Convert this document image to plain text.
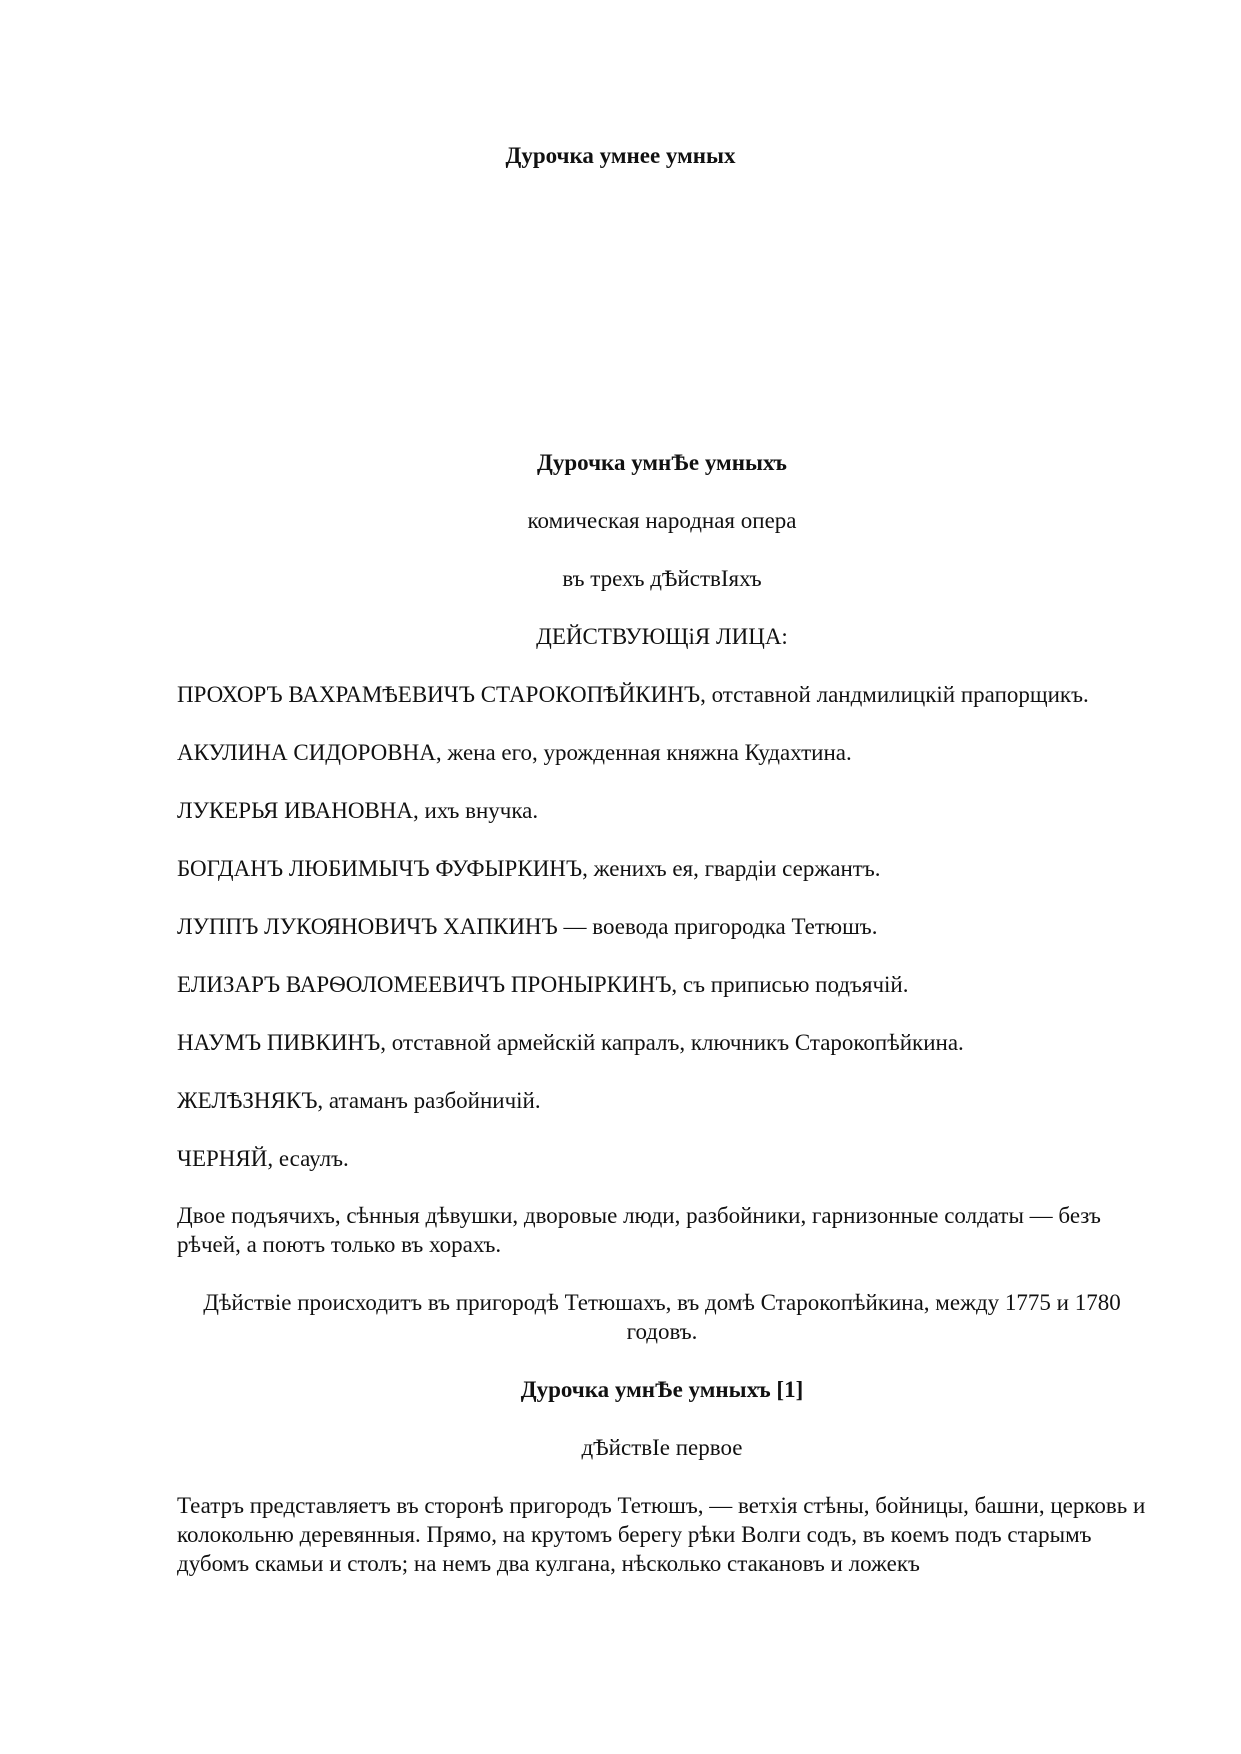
Дурочка умнее умных

Дурочка умнѢе умныхъ

комическая народная опера

въ трехъ дѢйствIяхъ

ДЕЙСТВУЮЩiЯ ЛИЦА:

ПРОХОРЪ ВАХРАМѢЕВИЧЪ СТАРОКОПѢЙКИНЪ, отставной ландмилицкій прапорщикъ.

АКУЛИНА СИДОРОВНА, жена его, урожденная княжна Кудахтина.

ЛУКЕРЬЯ ИВАНОВНА, ихъ внучка.

БОГДАНЪ ЛЮБИМЫЧЪ ФУФЫРКИНЪ, женихъ ея, гвардіи сержантъ.

ЛУППЪ ЛУКОЯНОВИЧЪ ХАПКИНЪ — воевода пригородка Тетюшъ.

ЕЛИЗАРЪ ВАРѲОЛОМЕЕВИЧЪ ПРОНЫРКИНЪ, съ приписью подъячій.

НАУМЪ ПИВКИНЪ, отставной армейскій капралъ, ключникъ Старокопѣйкина.

ЖЕЛѢЗНЯКЪ, атаманъ разбойничій.

ЧЕРНЯЙ, есаулъ.

Двое подъячихъ, сѣнныя дѣвушки, дворовые люди, разбойники, гарнизонные солдаты — безъ рѣчей, а поютъ только въ хорахъ.

Дѣйствіе происходитъ въ пригородѣ Тетюшахъ, въ домѣ Старокопѣйкина, между 1775 и 1780 годовъ.

Дурочка умнѢе умныхъ [1]

дѢйствIе первое

Театръ представляетъ въ сторонѣ пригородъ Тетюшъ, — ветхія стѣны, бойницы, башни, церковь и колокольню деревянныя. Прямо, на крутомъ берегу рѣки Волги содъ, въ коемъ подъ старымъ дубомъ скамьи и столъ; на немъ два кулгана, нѣсколько стакановъ и ложекъ
